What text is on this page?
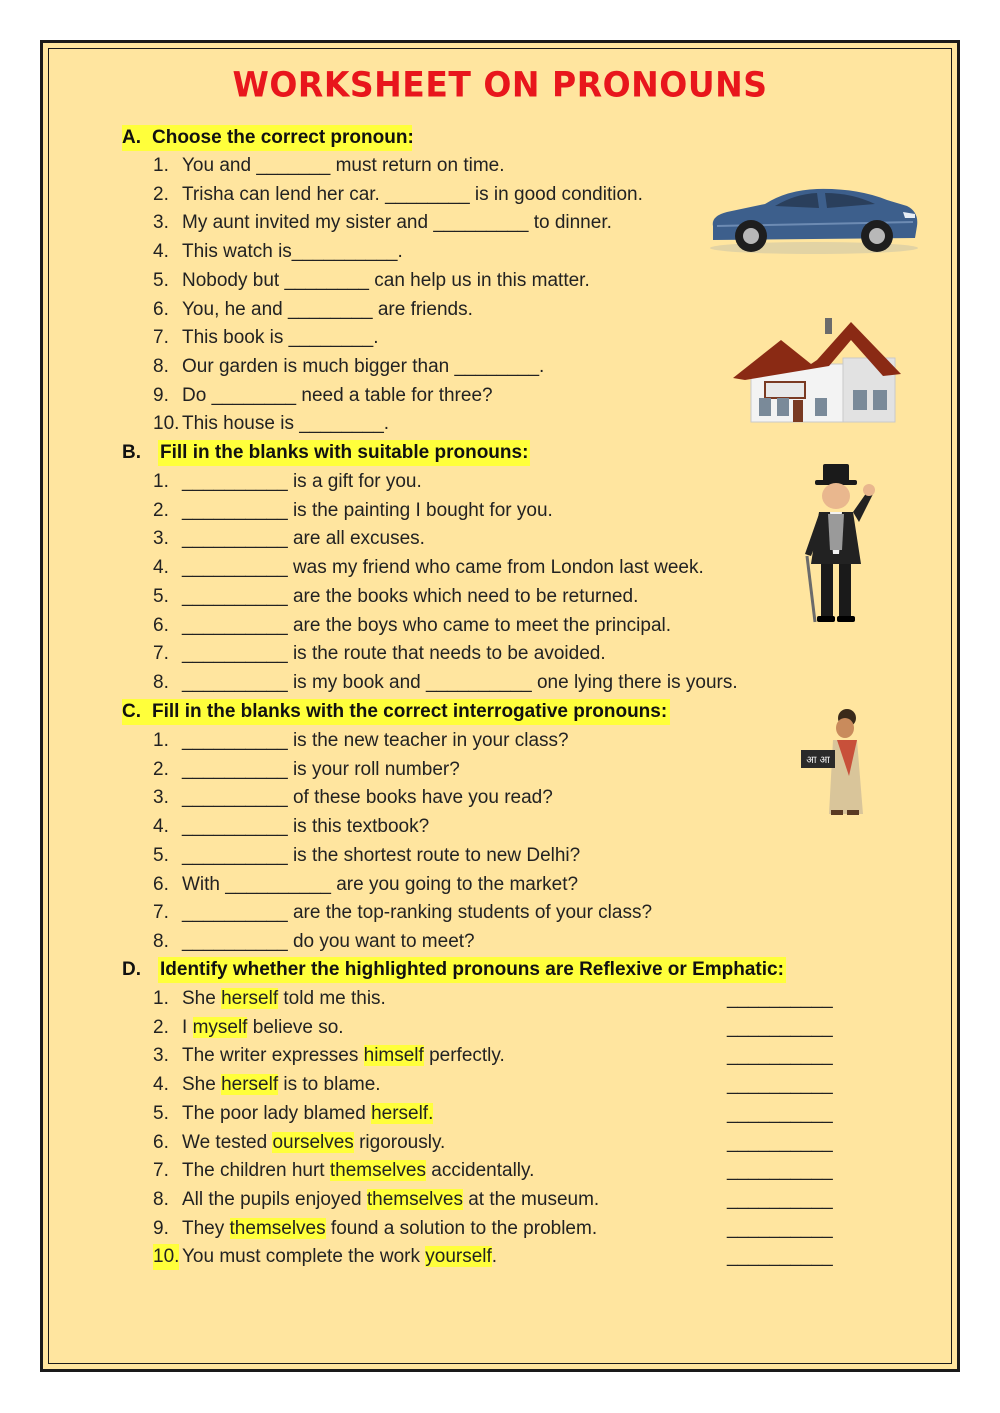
WORKSHEET ON PRONOUNS
A. Choose the correct pronoun:
1. You and _______ must return on time.
2. Trisha can lend her car. ________ is in good condition.
3. My aunt invited my sister and _________ to dinner.
4. This watch is__________.
5. Nobody but ________ can help us in this matter.
6. You, he and ________ are friends.
7. This book is ________.
8. Our garden is much bigger than ________.
9. Do ________ need a table for three?
10. This house is ________.
B. Fill in the blanks with suitable pronouns:
1. __________ is a gift for you.
2. __________ is the painting I bought for you.
3. __________ are all excuses.
4. __________ was my friend who came from London last week.
5. __________ are the books which need to be returned.
6. __________ are the boys who came to meet the principal.
7. __________ is the route that needs to be avoided.
8. __________ is my book and __________ one lying there is yours.
C. Fill in the blanks with the correct interrogative pronouns:
1. __________ is the new teacher in your class?
2. __________ is your roll number?
3. __________ of these books have you read?
4. __________ is this textbook?
5. __________ is the shortest route to new Delhi?
6. With __________ are you going to the market?
7. __________ are the top-ranking students of your class?
8. __________ do you want to meet?
D. Identify whether the highlighted pronouns are Reflexive or Emphatic:
1. She herself told me this.	__________
2. I myself believe so.	__________
3. The writer expresses himself perfectly.	__________
4. She herself is to blame.	__________
5. The poor lady blamed herself.	__________
6. We tested ourselves rigorously.	__________
7. The children hurt themselves accidentally.	__________
8. All the pupils enjoyed themselves at the museum.	__________
9. They themselves found a solution to the problem.	__________
10. You must complete the work yourself.	__________
आ आ
